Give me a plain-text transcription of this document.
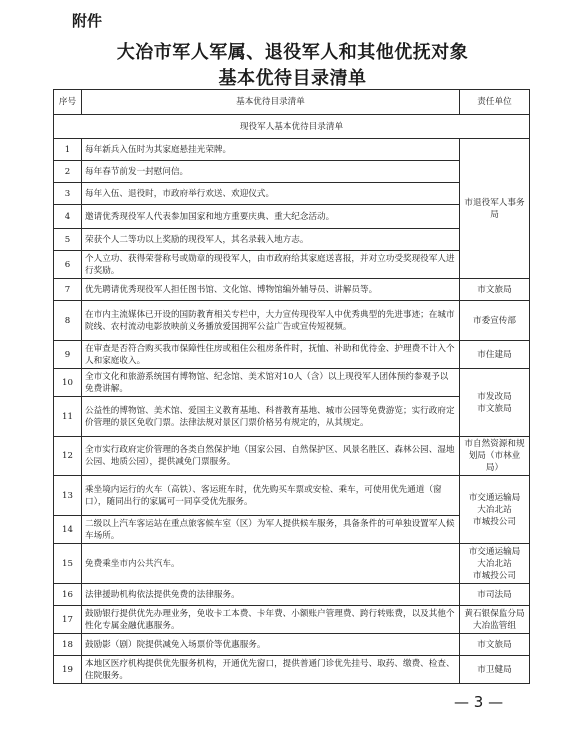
附件
大冶市军人军属、退役军人和其他优抚对象
基本优待目录清单
序号	基本优待目录清单	责任单位
现役军人基本优待目录清单		
1	每年新兵入伍时为其家庭悬挂光荣牌。	市退役军人事务局
2	每年春节前发一封慰问信。	
3	每年入伍、退役时，市政府举行欢送、欢迎仪式。	
4	邀请优秀现役军人代表参加国家和地方重要庆典、重大纪念活动。	
5	荣获个人二等功以上奖励的现役军人，其名录载入地方志。	
6	个人立功、获得荣誉称号或勋章的现役军人，由市政府给其家庭送喜报，并对立功受奖现役军人进行奖励。	
7	优先聘请优秀现役军人担任图书馆、文化馆、博物馆编外辅导员、讲解员等。	市文旅局
8	在市内主流媒体已开设的国防教育相关专栏中，大力宣传现役军人中优秀典型的先进事迹；在城市院线、农村流动电影放映前义务播放爱国拥军公益广告或宣传短视频。	市委宣传部
9	在审查是否符合购买我市保障性住房或租住公租房条件时，抚恤、补助和优待金、护理费不计入个人和家庭收入。	市住建局
10	全市文化和旅游系统国有博物馆、纪念馆、美术馆对10人（含）以上现役军人团体预约参观予以免费讲解。	市发改局
市文旅局
11	公益性的博物馆、美术馆、爱国主义教育基地、科普教育基地、城市公园等免费游览；实行政府定价管理的景区免收门票。法律法规对景区门票价格另有规定的，从其规定。	
12	全市实行政府定价管理的各类自然保护地（国家公园、自然保护区、风景名胜区、森林公园、湿地公园、地质公园），提供减免门票服务。	市自然资源和规划局（市林业局）
13	乘坐境内运行的火车（高铁）、客运班车时，优先购买车票或安检、乘车，可使用优先通道（窗口），随同出行的家属可一同享受优先服务。	市交通运输局
大冶北站
市城投公司
14	二级以上汽车客运站在重点旅客候车室（区）为军人提供候车服务，具备条件的可单独设置军人候车场所。	
15	免费乘坐市内公共汽车。	市交通运输局
大冶北站
市城投公司
16	法律援助机构依法提供免费的法律服务。	市司法局
17	鼓励银行提供优先办理业务，免收卡工本费、卡年费、小额账户管理费、跨行转账费，以及其他个性化专属金融优惠服务。	黄石银保监分局
大冶监管组
18	鼓励影（剧）院提供减免入场票价等优惠服务。	市文旅局
19	本地区医疗机构提供优先服务机构，开通优先窗口，提供普通门诊优先挂号、取药、缴费、检查、住院服务。	市卫健局
— 3 —
